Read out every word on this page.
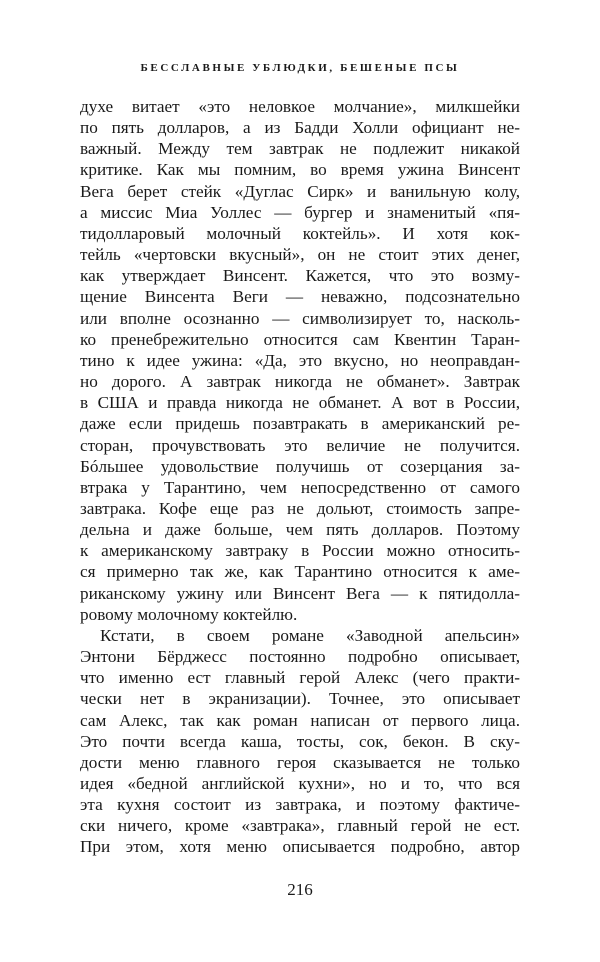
БЕССЛАВНЫЕ УБЛЮДКИ, БЕШЕНЫЕ ПСЫ
духе витает «это неловкое молчание», милкшейки
по пять долларов, а из Бадди Холли официант не-
важный. Между тем завтрак не подлежит никакой
критике. Как мы помним, во время ужина Винсент
Вега берет стейк «Дуглас Сирк» и ванильную колу,
а миссис Миа Уоллес — бургер и знаменитый «пя-
тидолларовый молочный коктейль». И хотя кок-
тейль «чертовски вкусный», он не стоит этих денег,
как утверждает Винсент. Кажется, что это возму-
щение Винсента Веги — неважно, подсознательно
или вполне осознанно — символизирует то, насколь-
ко пренебрежительно относится сам Квентин Таран-
тино к идее ужина: «Да, это вкусно, но неоправдан-
но дорого. А завтрак никогда не обманет». Завтрак
в США и правда никогда не обманет. А вот в России,
даже если придешь позавтракать в американский ре-
сторан, прочувствовать это величие не получится.
Бóльшее удовольствие получишь от созерцания за-
втрака у Тарантино, чем непосредственно от самого
завтрака. Кофе еще раз не дольют, стоимость запре-
дельна и даже больше, чем пять долларов. Поэтому
к американскому завтраку в России можно относить-
ся примерно так же, как Тарантино относится к аме-
риканскому ужину или Винсент Вега — к пятидолла-
ровому молочному коктейлю.
Кстати, в своем романе «Заводной апельсин»
Энтони Бёрджесс постоянно подробно описывает,
что именно ест главный герой Алекс (чего практи-
чески нет в экранизации). Точнее, это описывает
сам Алекс, так как роман написан от первого лица.
Это почти всегда каша, тосты, сок, бекон. В ску-
дости меню главного героя сказывается не только
идея «бедной английской кухни», но и то, что вся
эта кухня состоит из завтрака, и поэтому фактиче-
ски ничего, кроме «завтрака», главный герой не ест.
При этом, хотя меню описывается подробно, автор
216
